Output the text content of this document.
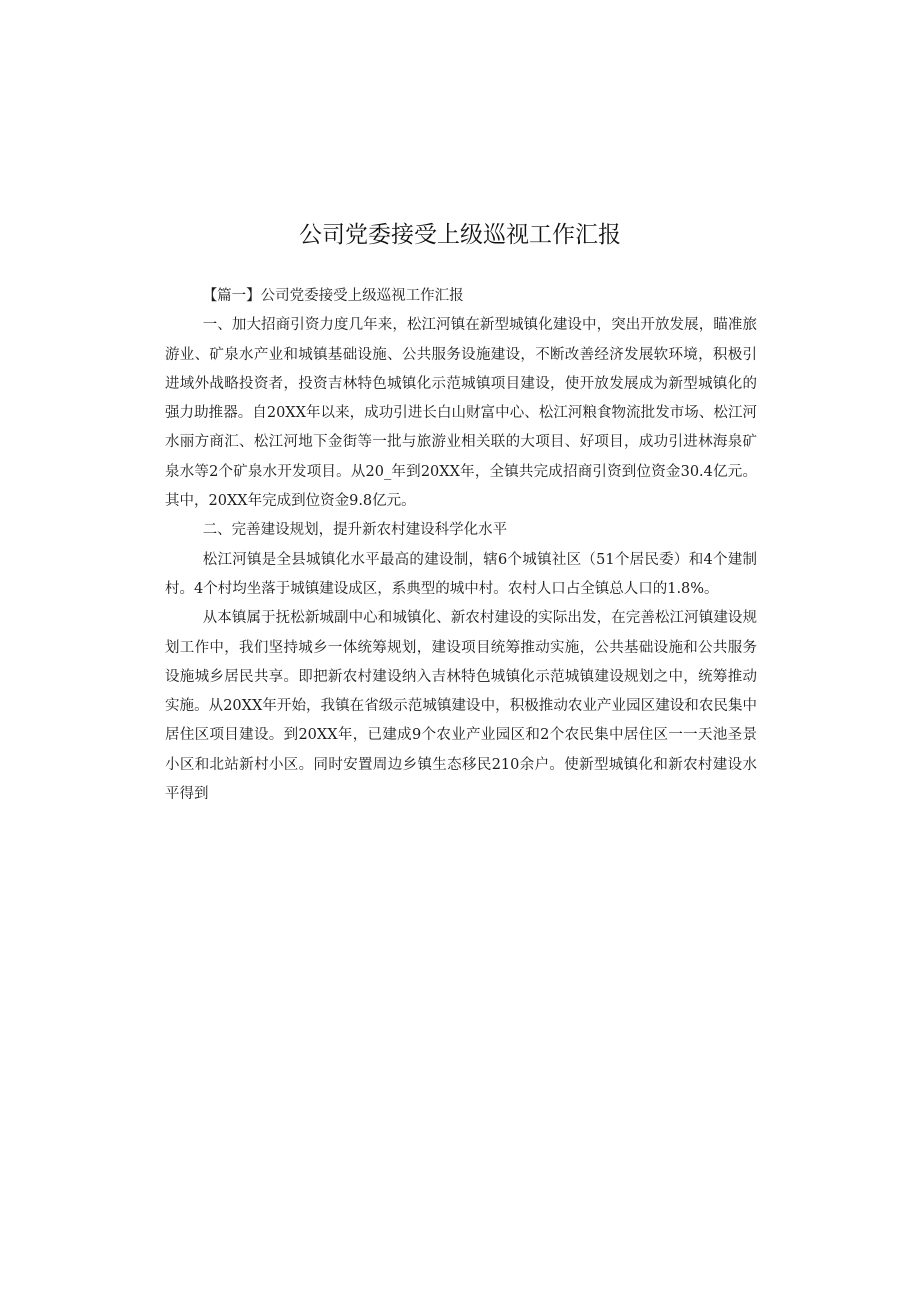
公司党委接受上级巡视工作汇报

【篇一】公司党委接受上级巡视工作汇报

一、加大招商引资力度几年来，松江河镇在新型城镇化建设中，突出开放发展，瞄准旅游业、矿泉水产业和城镇基础设施、公共服务设施建设，不断改善经济发展软环境，积极引进域外战略投资者，投资吉林特色城镇化示范城镇项目建设，使开放发展成为新型城镇化的强力助推器。自20XX年以来，成功引进长白山财富中心、松江河粮食物流批发市场、松江河水丽方商汇、松江河地下金街等一批与旅游业相关联的大项目、好项目，成功引进林海泉矿泉水等2个矿泉水开发项目。从20_年到20XX年，全镇共完成招商引资到位资金30.4亿元。其中，20XX年完成到位资金9.8亿元。

二、完善建设规划，提升新农村建设科学化水平

松江河镇是全县城镇化水平最高的建设制，辖6个城镇社区（51个居民委）和4个建制村。4个村均坐落于城镇建设成区，系典型的城中村。农村人口占全镇总人口的1.8%。

从本镇属于抚松新城副中心和城镇化、新农村建设的实际出发，在完善松江河镇建设规划工作中，我们坚持城乡一体统筹规划，建设项目统筹推动实施，公共基础设施和公共服务设施城乡居民共享。即把新农村建设纳入吉林特色城镇化示范城镇建设规划之中，统筹推动实施。从20XX年开始，我镇在省级示范城镇建设中，积极推动农业产业园区建设和农民集中居住区项目建设。到20XX年，已建成9个农业产业园区和2个农民集中居住区一一天池圣景小区和北站新村小区。同时安置周边乡镇生态移民210余户。使新型城镇化和新农村建设水平得到
